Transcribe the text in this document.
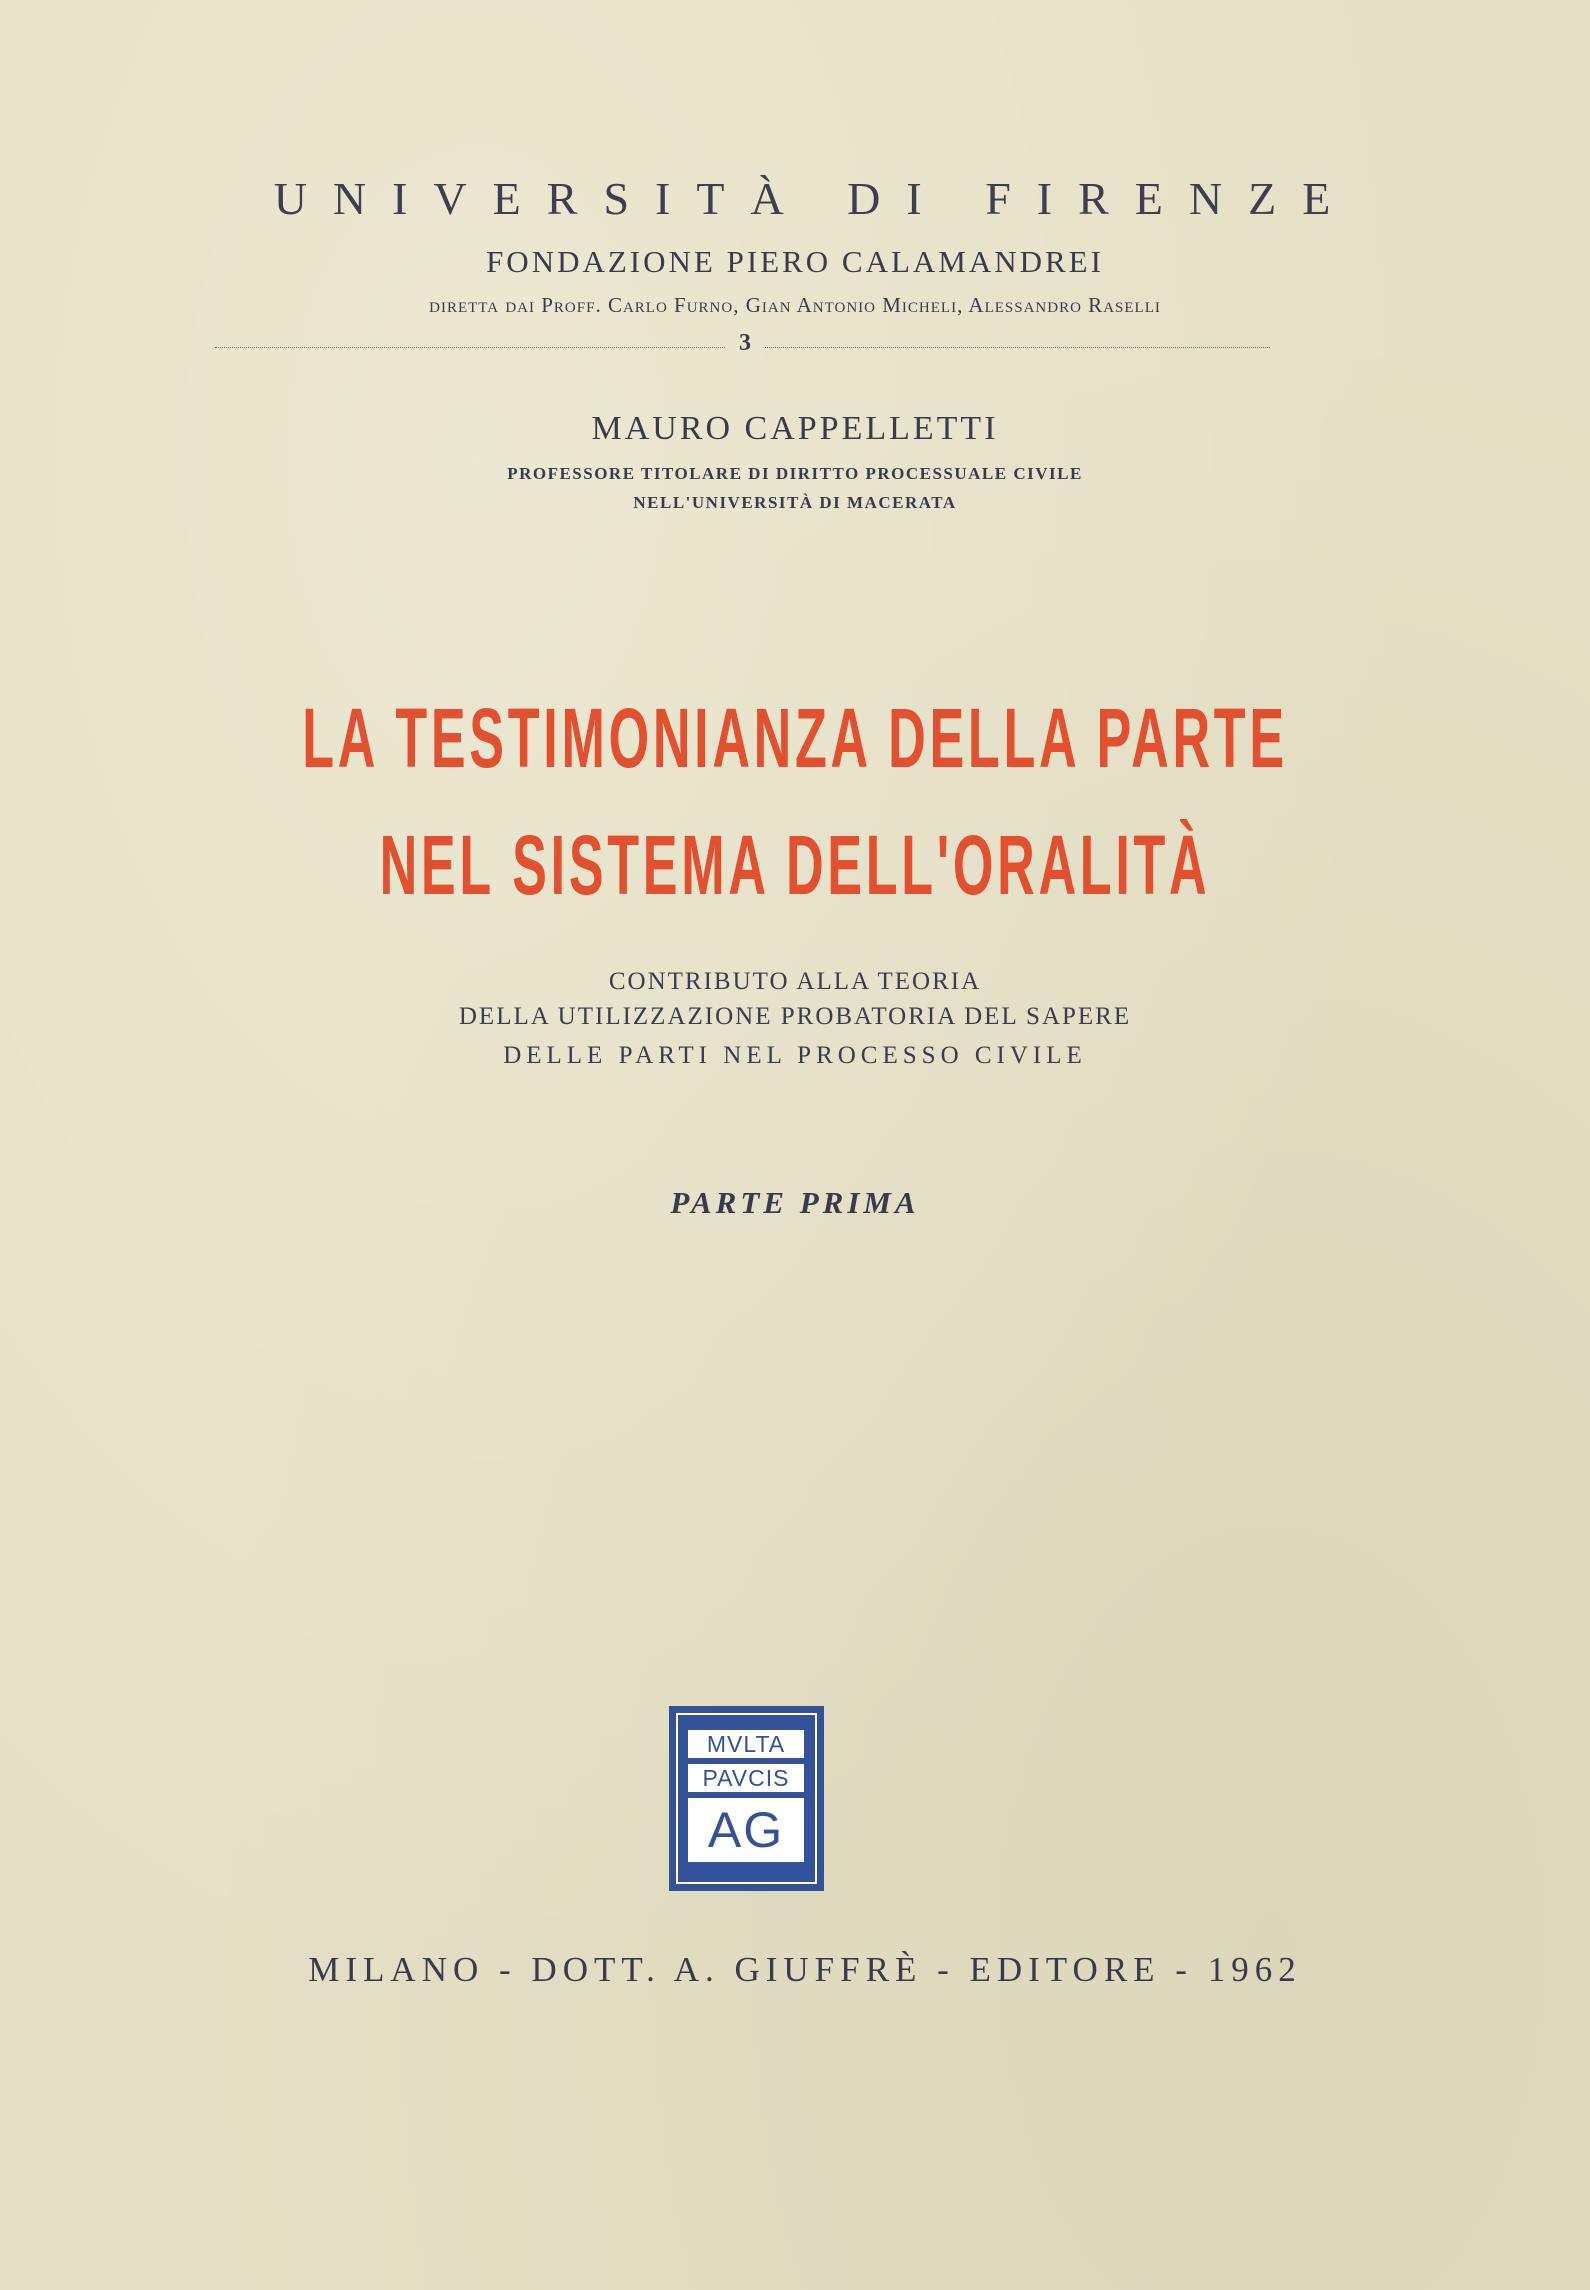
UNIVERSITÀ DI FIRENZE
FONDAZIONE PIERO CALAMANDREI
diretta dai Proff. Carlo Furno, Gian Antonio Micheli, Alessandro Raselli
3
MAURO CAPPELLETTI
PROFESSORE TITOLARE DI DIRITTO PROCESSUALE CIVILE
NELL'UNIVERSITÀ DI MACERATA
LA TESTIMONIANZA DELLA PARTE
NEL SISTEMA DELL'ORALITÀ
CONTRIBUTO ALLA TEORIA
DELLA UTILIZZAZIONE PROBATORIA DEL SAPERE
DELLE PARTI NEL PROCESSO CIVILE
PARTE PRIMA
MVLTA
PAVCIS
AG
MILANO - DOTT. A. GIUFFRÈ - EDITORE - 1962
